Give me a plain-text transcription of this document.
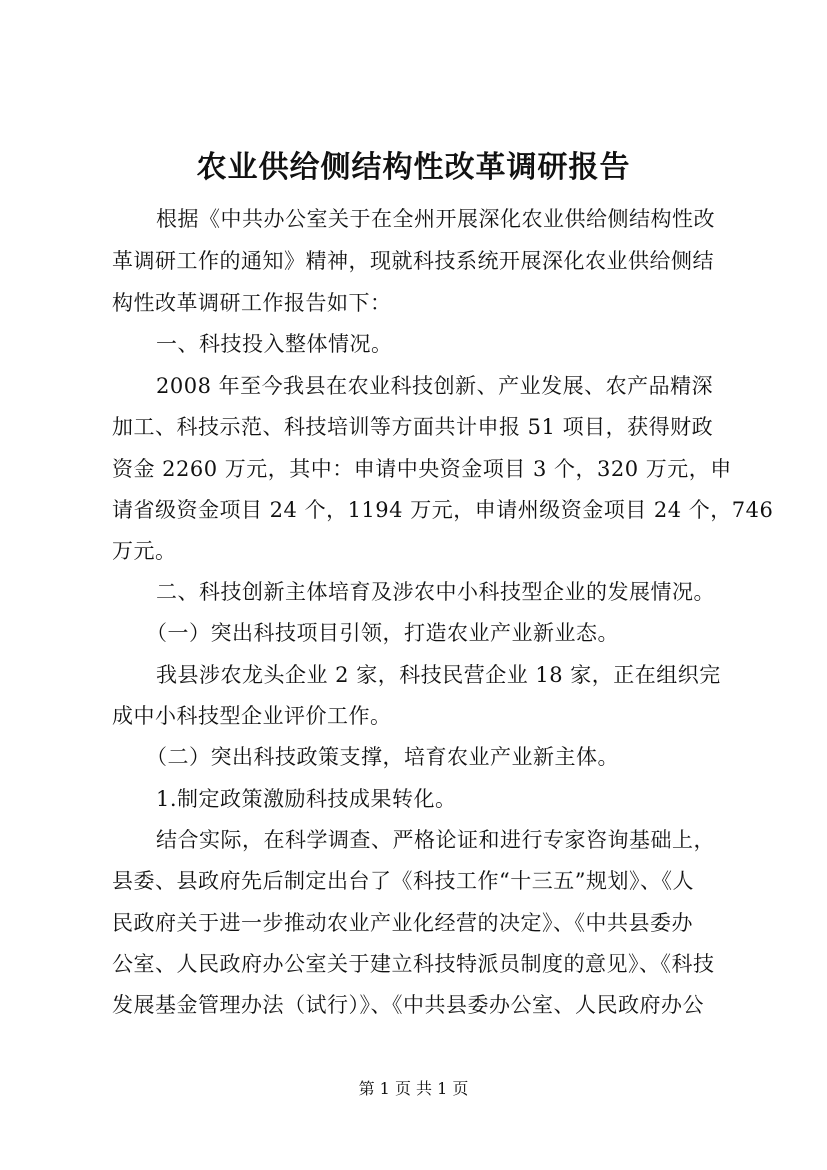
农业供给侧结构性改革调研报告
根据《中共办公室关于在全州开展深化农业供给侧结构性改
革调研工作的通知》精神，现就科技系统开展深化农业供给侧结
构性改革调研工作报告如下：
一、科技投入整体情况。
2008 年至今我县在农业科技创新、产业发展、农产品精深
加工、科技示范、科技培训等方面共计申报 51 项目，获得财政
资金 2260 万元，其中：申请中央资金项目 3 个，320 万元，申
请省级资金项目 24 个，1194 万元，申请州级资金项目 24 个，746
万元。
二、科技创新主体培育及涉农中小科技型企业的发展情况。
（一）突出科技项目引领，打造农业产业新业态。
我县涉农龙头企业 2 家，科技民营企业 18 家，正在组织完
成中小科技型企业评价工作。
（二）突出科技政策支撑，培育农业产业新主体。
1.制定政策激励科技成果转化。
结合实际，在科学调查、严格论证和进行专家咨询基础上，
县委、县政府先后制定出台了《科技工作“十三五”规划》、《人
民政府关于进一步推动农业产业化经营的决定》、《中共县委办
公室、人民政府办公室关于建立科技特派员制度的意见》、《科技
发展基金管理办法（试行）》、《中共县委办公室、人民政府办公
第 1 页 共 1 页
